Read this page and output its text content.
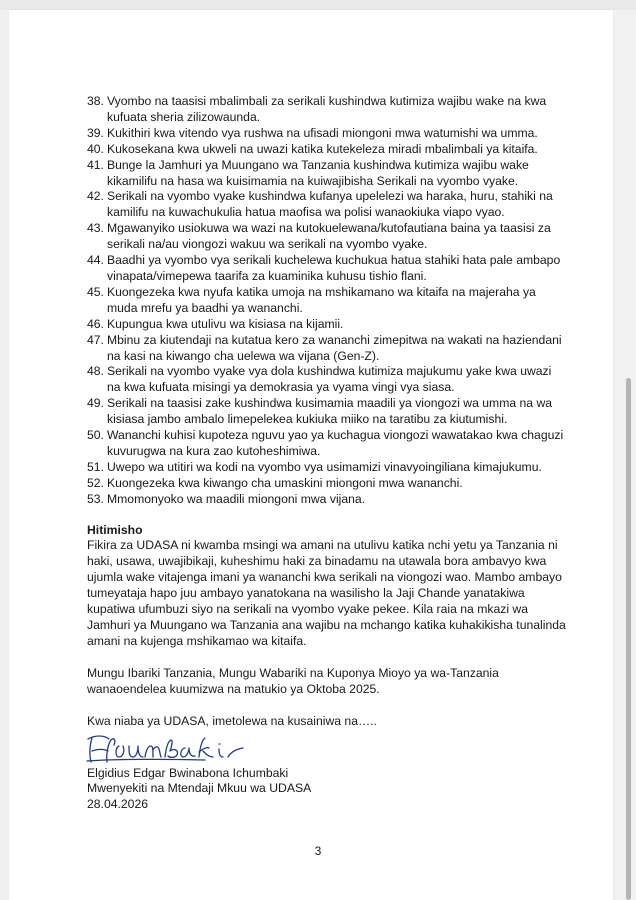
38. Vyombo na taasisi mbalimbali za serikali kushindwa kutimiza wajibu wake na kwa kufuata sheria zilizowaunda.
39. Kukithiri kwa vitendo vya rushwa na ufisadi miongoni mwa watumishi wa umma.
40. Kukosekana kwa ukweli na uwazi katika kutekeleza miradi mbalimbali ya kitaifa.
41. Bunge la Jamhuri ya Muungano wa Tanzania kushindwa kutimiza wajibu wake kikamilifu na hasa wa kuisimamia na kuiwajibisha Serikali na vyombo vyake.
42. Serikali na vyombo vyake kushindwa kufanya upelelezi wa haraka, huru, stahiki na kamilifu na kuwachukulia hatua maofisa wa polisi wanaokiuka viapo vyao.
43. Mgawanyiko usiokuwa wa wazi na kutokuelewana/kutofautiana baina ya taasisi za serikali na/au viongozi wakuu wa serikali na vyombo vyake.
44. Baadhi ya vyombo vya serikali kuchelewa kuchukua hatua stahiki hata pale ambapo vinapata/vimepewa taarifa za kuaminika kuhusu tishio flani.
45. Kuongezeka kwa nyufa katika umoja na mshikamano wa kitaifa na majeraha ya muda mrefu ya baadhi ya wananchi.
46. Kupungua kwa utulivu wa kisiasa na kijamii.
47. Mbinu za kiutendaji na kutatua kero za wananchi zimepitwa na wakati na haziendani na kasi na kiwango cha uelewa wa vijana (Gen-Z).
48. Serikali na vyombo vyake vya dola kushindwa kutimiza majukumu yake kwa uwazi na kwa kufuata misingi ya demokrasia ya vyama vingi vya siasa.
49. Serikali na taasisi zake kushindwa kusimamia maadili ya viongozi wa umma na wa kisiasa jambo ambalo limepelekea kukiuka miiko na taratibu za kiutumishi.
50. Wananchi kuhisi kupoteza nguvu yao ya kuchagua viongozi wawatakao kwa chaguzi kuvurugwa na kura zao kutoheshimiwa.
51. Uwepo wa utitiri wa kodi na vyombo vya usimamizi vinavyoingiliana kimajukumu.
52. Kuongezeka kwa kiwango cha umaskini miongoni mwa wananchi.
53. Mmomonyoko wa maadili miongoni mwa vijana.
Hitimisho

Fikira za UDASA ni kwamba msingi wa amani na utulivu katika nchi yetu ya Tanzania ni haki, usawa, uwajibikaji, kuheshimu haki za binadamu na utawala bora ambavyo kwa ujumla wake vitajenga imani ya wananchi kwa serikali na viongozi wao. Mambo ambayo tumeyataja hapo juu ambayo yanatokana na wasilisho la Jaji Chande yanatakiwa kupatiwa ufumbuzi siyo na serikali na vyombo vyake pekee. Kila raia na mkazi wa Jamhuri ya Muungano wa Tanzania ana wajibu na mchango katika kuhakikisha tunalinda amani na kujenga mshikamao wa kitaifa.

Mungu Ibariki Tanzania, Mungu Wabariki na Kuponya Mioyo ya wa-Tanzania wanaoendelea kuumizwa na matukio ya Oktoba 2025.

Kwa niaba ya UDASA, imetolewa na kusainiwa na…..

Elgidius Edgar Bwinabona Ichumbaki
Mwenyekiti na Mtendaji Mkuu wa UDASA
28.04.2026
3
